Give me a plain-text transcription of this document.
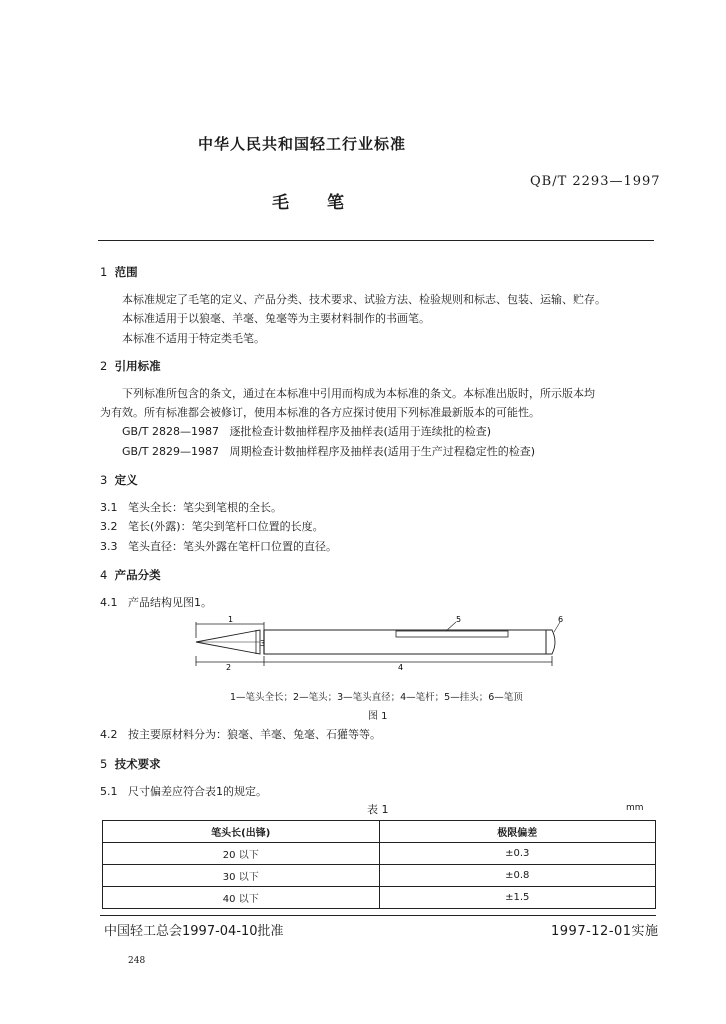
中华人民共和国轻工行业标准
QB/T 2293—1997
毛 笔
1 范围
本标准规定了毛笔的定义、产品分类、技术要求、试验方法、检验规则和标志、包装、运输、贮存。
本标准适用于以狼毫、羊毫、兔毫等为主要材料制作的书画笔。
本标准不适用于特定类毛笔。
2 引用标准
下列标准所包含的条文，通过在本标准中引用而构成为本标准的条文。本标准出版时，所示版本均
为有效。所有标准都会被修订，使用本标准的各方应探讨使用下列标准最新版本的可能性。
GB/T 2828—1987 逐批检查计数抽样程序及抽样表(适用于连续批的检查)
GB/T 2829—1987 周期检查计数抽样程序及抽样表(适用于生产过程稳定性的检查)
3 定义
3.1 笔头全长：笔尖到笔根的全长。
3.2 笔长(外露)：笔尖到笔杆口位置的长度。
3.3 笔头直径：笔头外露在笔杆口位置的直径。
4 产品分类
4.1 产品结构见图1。
1
3
5	6
2	4
1—笔头全长；2—笔头；3—笔头直径；4—笔杆；5—挂头；6—笔顶
图 1
4.2 按主要原材料分为：狼毫、羊毫、兔毫、石獾等等。
5 技术要求
5.1 尺寸偏差应符合表1的规定。
表 1	mm
笔头长(出锋)	极限偏差
20 以下	±0.3
30 以下	±0.8
40 以下	±1.5
中国轻工总会1997-04-10批准	1997-12-01实施
248
